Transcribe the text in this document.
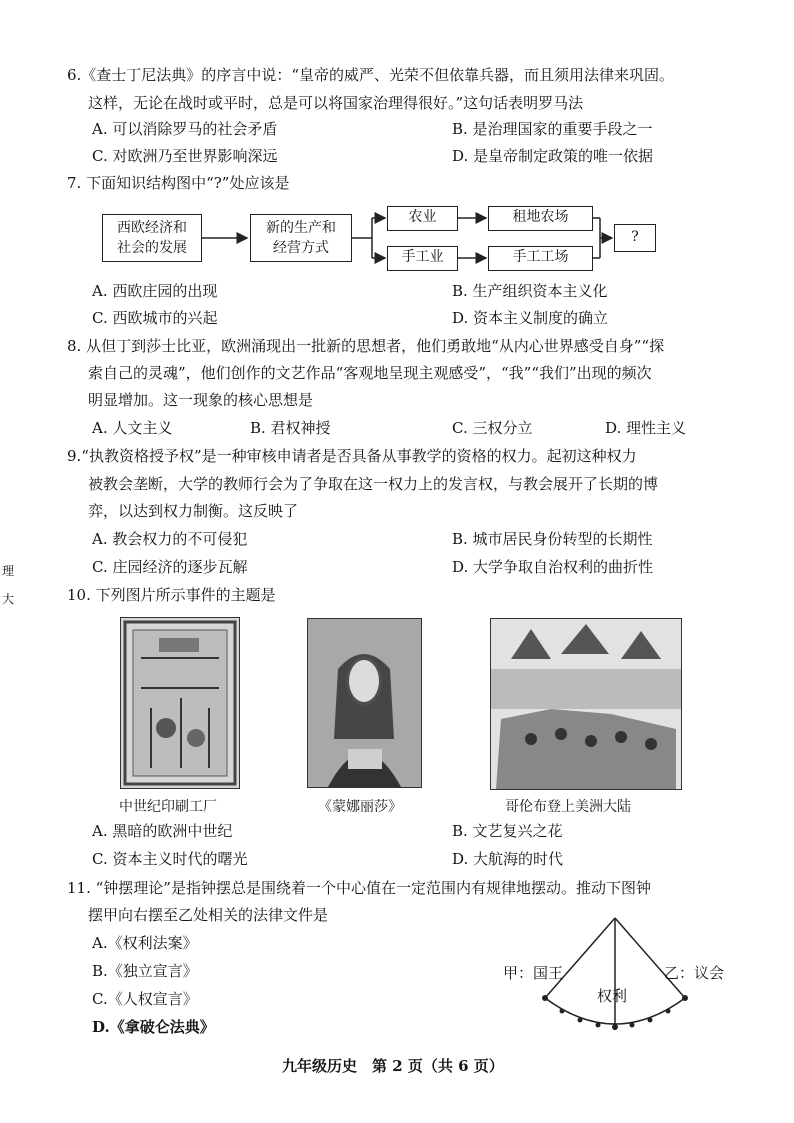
6.《查士丁尼法典》的序言中说：“皇帝的威严、光荣不但依靠兵器，而且须用法律来巩固。
这样，无论在战时或平时，总是可以将国家治理得很好。”这句话表明罗马法
A. 可以消除罗马的社会矛盾	B. 是治理国家的重要手段之一
C. 对欧洲乃至世界影响深远	D. 是皇帝制定政策的唯一依据
7. 下面知识结构图中“?”处应该是
西欧经济和
社会的发展
新的生产和
经营方式
农业	租地农场
手工业	手工工场
?
A. 西欧庄园的出现	B. 生产组织资本主义化
C. 西欧城市的兴起	D. 资本主义制度的确立
8. 从但丁到莎士比亚，欧洲涌现出一批新的思想者，他们勇敢地“从内心世界感受自身”“探
索自己的灵魂”，他们创作的文艺作品“客观地呈现主观感受”，“我”“我们”出现的频次
明显增加。这一现象的核心思想是
A. 人文主义	B. 君权神授	C. 三权分立	D. 理性主义
9.“执教资格授予权”是一种审核申请者是否具备从事教学的资格的权力。起初这种权力
被教会垄断，大学的教师行会为了争取在这一权力上的发言权，与教会展开了长期的博
弈，以达到权力制衡。这反映了
A. 教会权力的不可侵犯	B. 城市居民身份转型的长期性
C. 庄园经济的逐步瓦解	D. 大学争取自治权利的曲折性
理
大	10. 下列图片所示事件的主题是
中世纪印刷工厂	《蒙娜丽莎》	哥伦布登上美洲大陆
A. 黑暗的欧洲中世纪	B. 文艺复兴之花
C. 资本主义时代的曙光	D. 大航海的时代
11. “钟摆理论”是指钟摆总是围绕着一个中心值在一定范围内有规律地摆动。推动下图钟
摆甲向右摆至乙处相关的法律文件是
A.《权利法案》
B.《独立宣言》
C.《人权宣言》
D.《拿破仑法典》
甲：国王	乙：议会
权利
九年级历史　第 2 页（共 6 页）
